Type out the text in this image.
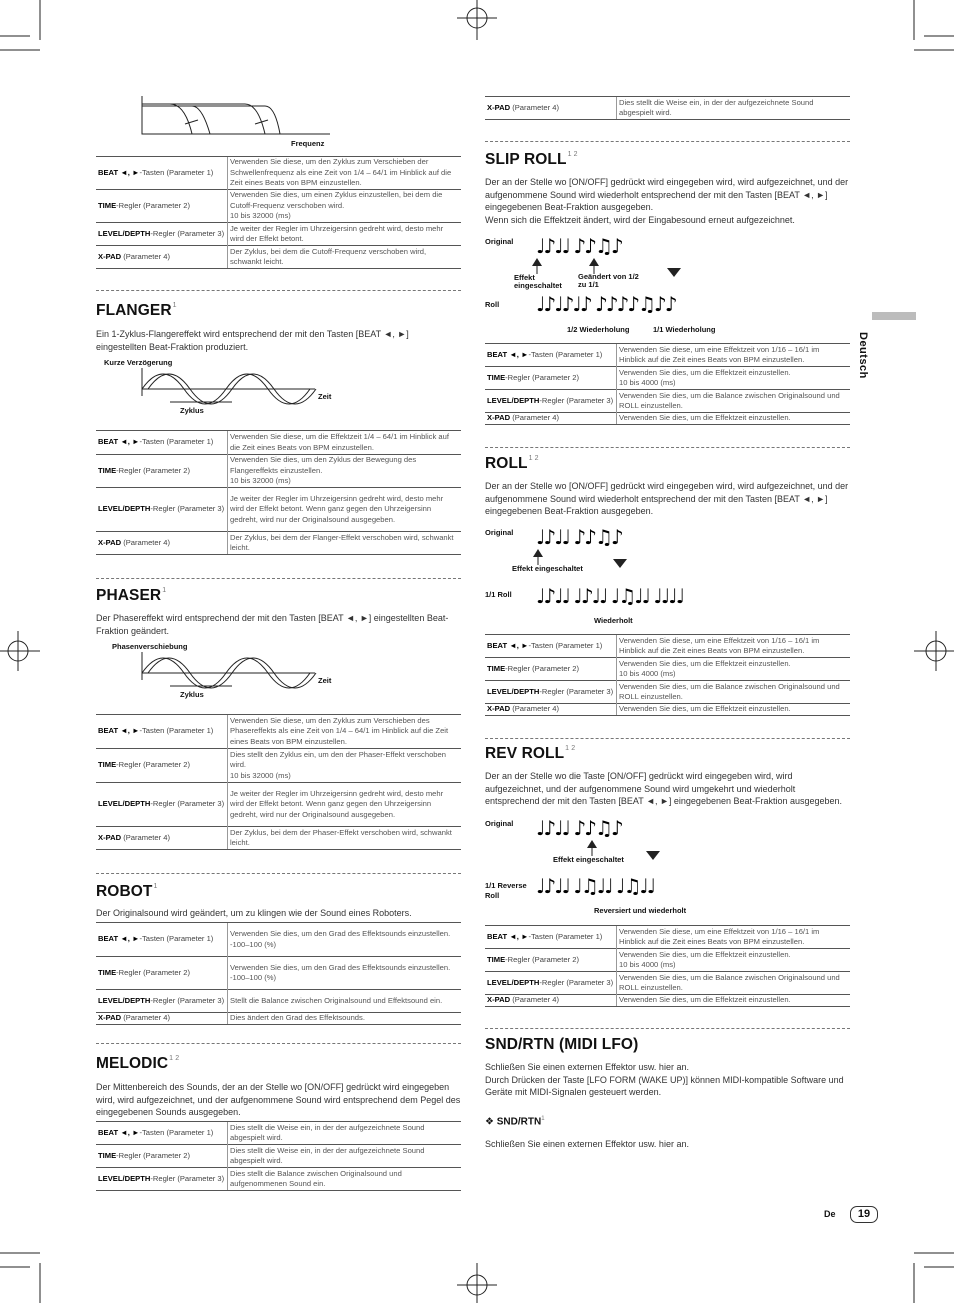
Deutsch
Frequenz
BEAT ◄, ►-Tasten (Parameter 1)	Verwenden Sie diese, um den Zyklus zum Verschieben der Schwellenfrequenz als eine Zeit von 1/4 – 64/1 im Hinblick auf die Zeit eines Beats von BPM einzustellen.
TIME-Regler (Parameter 2)	Verwenden Sie dies, um einen Zyklus einzustellen, bei dem die Cutoff-Frequenz verschoben wird.
10 bis 32000 (ms)
LEVEL/DEPTH-Regler (Parameter 3)	Je weiter der Regler im Uhrzeigersinn gedreht wird, desto mehr wird der Effekt betont.
X-PAD (Parameter 4)	Der Zyklus, bei dem die Cutoff-Frequenz verschoben wird, schwankt leicht.
FLANGER$^1$
Ein 1-Zyklus-Flangereffekt wird entsprechend der mit den Tasten [BEAT ◄, ►] eingestellten Beat-Fraktion produziert.
Kurze Verzögerung
Zeit
Zyklus
BEAT ◄, ►-Tasten (Parameter 1)	Verwenden Sie diese, um die Effektzeit 1/4 – 64/1 im Hinblick auf die Zeit eines Beats von BPM einzustellen.
TIME-Regler (Parameter 2)	Verwenden Sie dies, um den Zyklus der Bewegung des Flangereffekts einzustellen.
10 bis 32000 (ms)
LEVEL/DEPTH-Regler (Parameter 3)	Je weiter der Regler im Uhrzeigersinn gedreht wird, desto mehr wird der Effekt betont. Wenn ganz gegen den Uhrzeigersinn gedreht, wird nur der Originalsound ausgegeben.
X-PAD (Parameter 4)	Der Zyklus, bei dem der Flanger-Effekt verschoben wird, schwankt leicht.
PHASER$^1$
Der Phasereffekt wird entsprechend der mit den Tasten [BEAT ◄, ►] eingestellten Beat-Fraktion geändert.
Phasenverschiebung
Zeit
Zyklus
BEAT ◄, ►-Tasten (Parameter 1)	Verwenden Sie diese, um den Zyklus zum Verschieben des Phasereffekts als eine Zeit von 1/4 – 64/1 im Hinblick auf die Zeit eines Beats von BPM einzustellen.
TIME-Regler (Parameter 2)	Dies stellt den Zyklus ein, um den der Phaser-Effekt verschoben wird.
10 bis 32000 (ms)
LEVEL/DEPTH-Regler (Parameter 3)	Je weiter der Regler im Uhrzeigersinn gedreht wird, desto mehr wird der Effekt betont. Wenn ganz gegen den Uhrzeigersinn gedreht, wird nur der Originalsound ausgegeben.
X-PAD (Parameter 4)	Der Zyklus, bei dem der Phaser-Effekt verschoben wird, schwankt leicht.
ROBOT$^1$
Der Originalsound wird geändert, um zu klingen wie der Sound eines Roboters.
BEAT ◄, ►-Tasten (Parameter 1)	Verwenden Sie dies, um den Grad des Effektsounds einzustellen.
-100–100 (%)
TIME-Regler (Parameter 2)	Verwenden Sie dies, um den Grad des Effektsounds einzustellen.
-100–100 (%)
LEVEL/DEPTH-Regler (Parameter 3)	Stellt die Balance zwischen Originalsound und Effektsound ein.
X-PAD (Parameter 4)	Dies ändert den Grad des Effektsounds.
$MELODIC^{1 2}$
Der Mittenbereich des Sounds, der an der Stelle wo [ON/OFF] gedrückt wird eingegeben wird, wird aufgezeichnet, und der aufgenommene Sound wird entsprechend dem Pegel des eingegebenen Sounds ausgegeben.
BEAT ◄, ►-Tasten (Parameter 1)	Dies stellt die Weise ein, in der der aufgezeichnete Sound abgespielt wird.
TIME-Regler (Parameter 2)	Dies stellt die Weise ein, in der der aufgezeichnete Sound abgespielt wird.
LEVEL/DEPTH-Regler (Parameter 3)	Dies stellt die Balance zwischen Originalsound und aufgenommenen Sound ein.
X-PAD (Parameter 4)	Dies stellt die Weise ein, in der der aufgezeichnete Sound abgespielt wird.
SLIP $ROLL^{1 2}$
Der an der Stelle wo [ON/OFF] gedrückt wird eingegeben wird, wird aufgezeichnet, und der aufgenommene Sound wird wiederholt entsprechend der mit den Tasten [BEAT ◄, ►] eingegebenen Beat-Fraktion ausgegeben.
Wenn sich die Effektzeit ändert, wird der Eingabesound erneut aufgezeichnet.
Original ♩♪♩♩ ♪♪♫♪
Effekt eingeschaltet
Geändert von 1/2 zu 1/1
Roll ♩♪♩♪♩♪ ♪♪♪♪♫♪♪
1/2 Wiederholung	1/1 Wiederholung
BEAT ◄, ►-Tasten (Parameter 1)	Verwenden Sie diese, um eine Effektzeit von 1/16 – 16/1 im Hinblick auf die Zeit eines Beats von BPM einzustellen.
TIME-Regler (Parameter 2)	Verwenden Sie dies, um die Effektzeit einzustellen.
10 bis 4000 (ms)
LEVEL/DEPTH-Regler (Parameter 3)	Verwenden Sie dies, um die Balance zwischen Originalsound und ROLL einzustellen.
X-PAD (Parameter 4)	Verwenden Sie dies, um die Effektzeit einzustellen.
$ROLL^{1 2}$
Der an der Stelle wo [ON/OFF] gedrückt wird eingegeben wird, wird aufgezeichnet, und der aufgenommene Sound wird wiederholt entsprechend der mit den Tasten [BEAT ◄, ►] eingegebenen Beat-Fraktion ausgegeben.
Original ♩♪♩♩ ♪♪♫♪
Effekt eingeschaltet
1/1 Roll ♩♪♩♩ ♩♪♩♩ ♩♫♩♩ ♩♩♩♩
Wiederholt
BEAT ◄, ►-Tasten (Parameter 1)	Verwenden Sie diese, um eine Effektzeit von 1/16 – 16/1 im Hinblick auf die Zeit eines Beats von BPM einzustellen.
TIME-Regler (Parameter 2)	Verwenden Sie dies, um die Effektzeit einzustellen.
10 bis 4000 (ms)
LEVEL/DEPTH-Regler (Parameter 3)	Verwenden Sie dies, um die Balance zwischen Originalsound und ROLL einzustellen.
X-PAD (Parameter 4)	Verwenden Sie dies, um die Effektzeit einzustellen.
REV $ROLL^{1 2}$
Der an der Stelle wo die Taste [ON/OFF] gedrückt wird eingegeben wird, wird aufgezeichnet, und der aufgenommene Sound wird umgekehrt und wiederholt entsprechend der mit den Tasten [BEAT ◄, ►] eingegebenen Beat-Fraktion ausgegeben.
Original ♩♪♩♩ ♪♪♫♪
Effekt eingeschaltet
1/1 Reverse Roll	♩♪♩♩ ♩♫♩♩ ♩♫♩♩
Reversiert und wiederholt
BEAT ◄, ►-Tasten (Parameter 1)	Verwenden Sie diese, um eine Effektzeit von 1/16 – 16/1 im Hinblick auf die Zeit eines Beats von BPM einzustellen.
TIME-Regler (Parameter 2)	Verwenden Sie dies, um die Effektzeit einzustellen.
10 bis 4000 (ms)
LEVEL/DEPTH-Regler (Parameter 3)	Verwenden Sie dies, um die Balance zwischen Originalsound und ROLL einzustellen.
X-PAD (Parameter 4)	Verwenden Sie dies, um die Effektzeit einzustellen.
SND/RTN (MIDI LFO)
Schließen Sie einen externen Effektor usw. hier an.
Durch Drücken der Taste [LFO FORM (WAKE UP)] können MIDI-kompatible Software und Geräte mit MIDI-Signalen gesteuert werden.
❖ SND/RTN$^1$
Schließen Sie einen externen Effektor usw. hier an.
De	19
